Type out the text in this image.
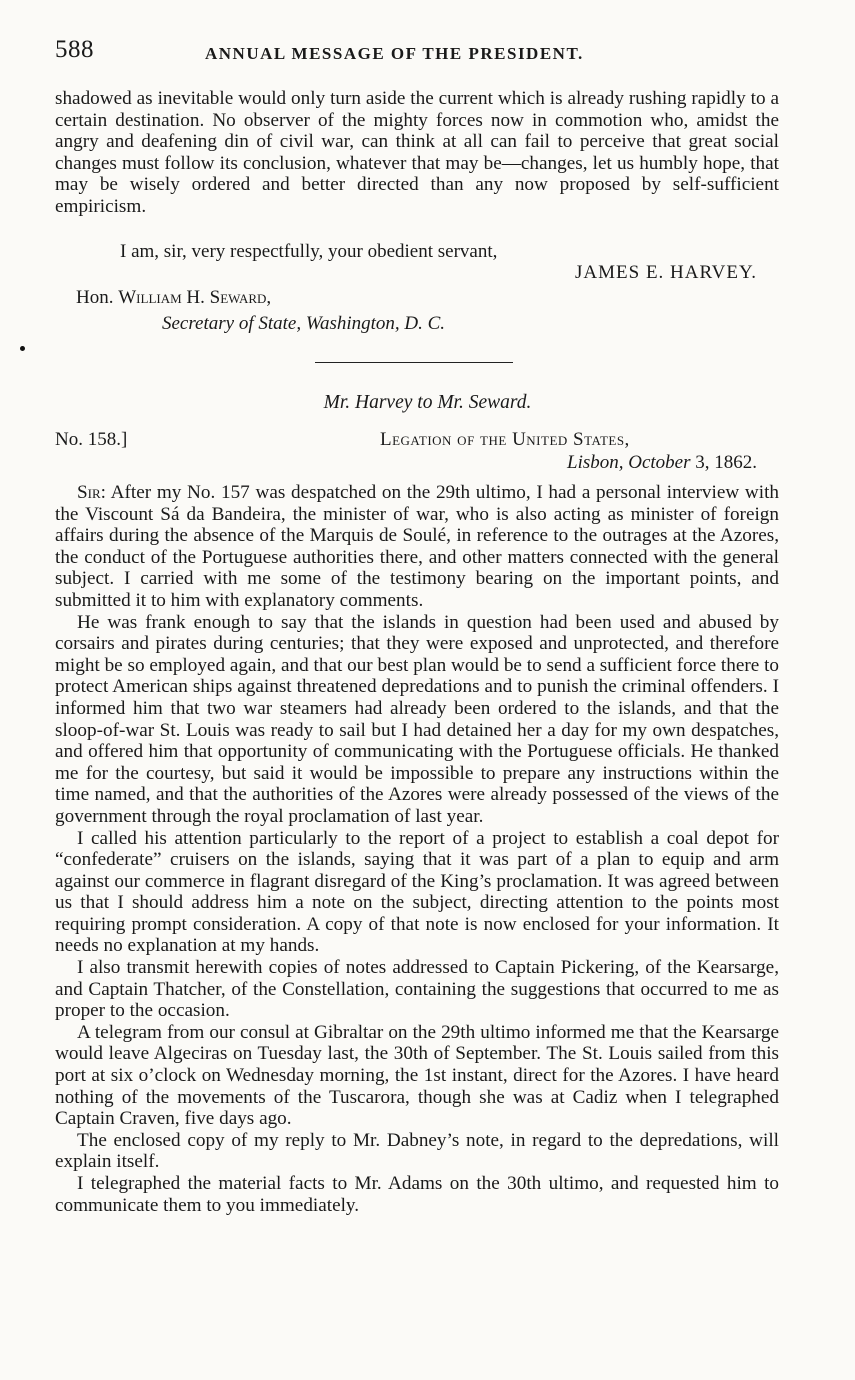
588	ANNUAL MESSAGE OF THE PRESIDENT.

shadowed as inevitable would only turn aside the current which is already rushing rapidly to a certain destination. No observer of the mighty forces now in commotion who, amidst the angry and deafening din of civil war, can think at all can fail to perceive that great social changes must follow its conclusion, whatever that may be—changes, let us humbly hope, that may be wisely ordered and better directed than any now proposed by self-sufficient empiricism.

I am, sir, very respectfully, your obedient servant,
JAMES E. HARVEY.
Hon. William H. Seward,
Secretary of State, Washington, D. C.
Mr. Harvey to Mr. Seward.
No. 158.]	Legation of the United States,
Lisbon, October 3, 1862.

Sir: After my No. 157 was despatched on the 29th ultimo, I had a personal interview with the Viscount Sá da Bandeira, the minister of war, who is also acting as minister of foreign affairs during the absence of the Marquis de Soulé, in reference to the outrages at the Azores, the conduct of the Portuguese authorities there, and other matters connected with the general subject. I carried with me some of the testimony bearing on the important points, and submitted it to him with explanatory comments.

He was frank enough to say that the islands in question had been used and abused by corsairs and pirates during centuries; that they were exposed and unprotected, and therefore might be so employed again, and that our best plan would be to send a sufficient force there to protect American ships against threatened depredations and to punish the criminal offenders. I informed him that two war steamers had already been ordered to the islands, and that the sloop-of-war St. Louis was ready to sail but I had detained her a day for my own despatches, and offered him that opportunity of communicating with the Portuguese officials. He thanked me for the courtesy, but said it would be impossible to prepare any instructions within the time named, and that the authorities of the Azores were already possessed of the views of the government through the royal proclamation of last year.

I called his attention particularly to the report of a project to establish a coal depot for “confederate” cruisers on the islands, saying that it was part of a plan to equip and arm against our commerce in flagrant disregard of the King’s proclamation. It was agreed between us that I should address him a note on the subject, directing attention to the points most requiring prompt consideration. A copy of that note is now enclosed for your information. It needs no explanation at my hands.

I also transmit herewith copies of notes addressed to Captain Pickering, of the Kearsarge, and Captain Thatcher, of the Constellation, containing the suggestions that occurred to me as proper to the occasion.

A telegram from our consul at Gibraltar on the 29th ultimo informed me that the Kearsarge would leave Algeciras on Tuesday last, the 30th of September. The St. Louis sailed from this port at six o’clock on Wednesday morning, the 1st instant, direct for the Azores. I have heard nothing of the movements of the Tuscarora, though she was at Cadiz when I telegraphed Captain Craven, five days ago.

The enclosed copy of my reply to Mr. Dabney’s note, in regard to the depredations, will explain itself.

I telegraphed the material facts to Mr. Adams on the 30th ultimo, and requested him to communicate them to you immediately.
